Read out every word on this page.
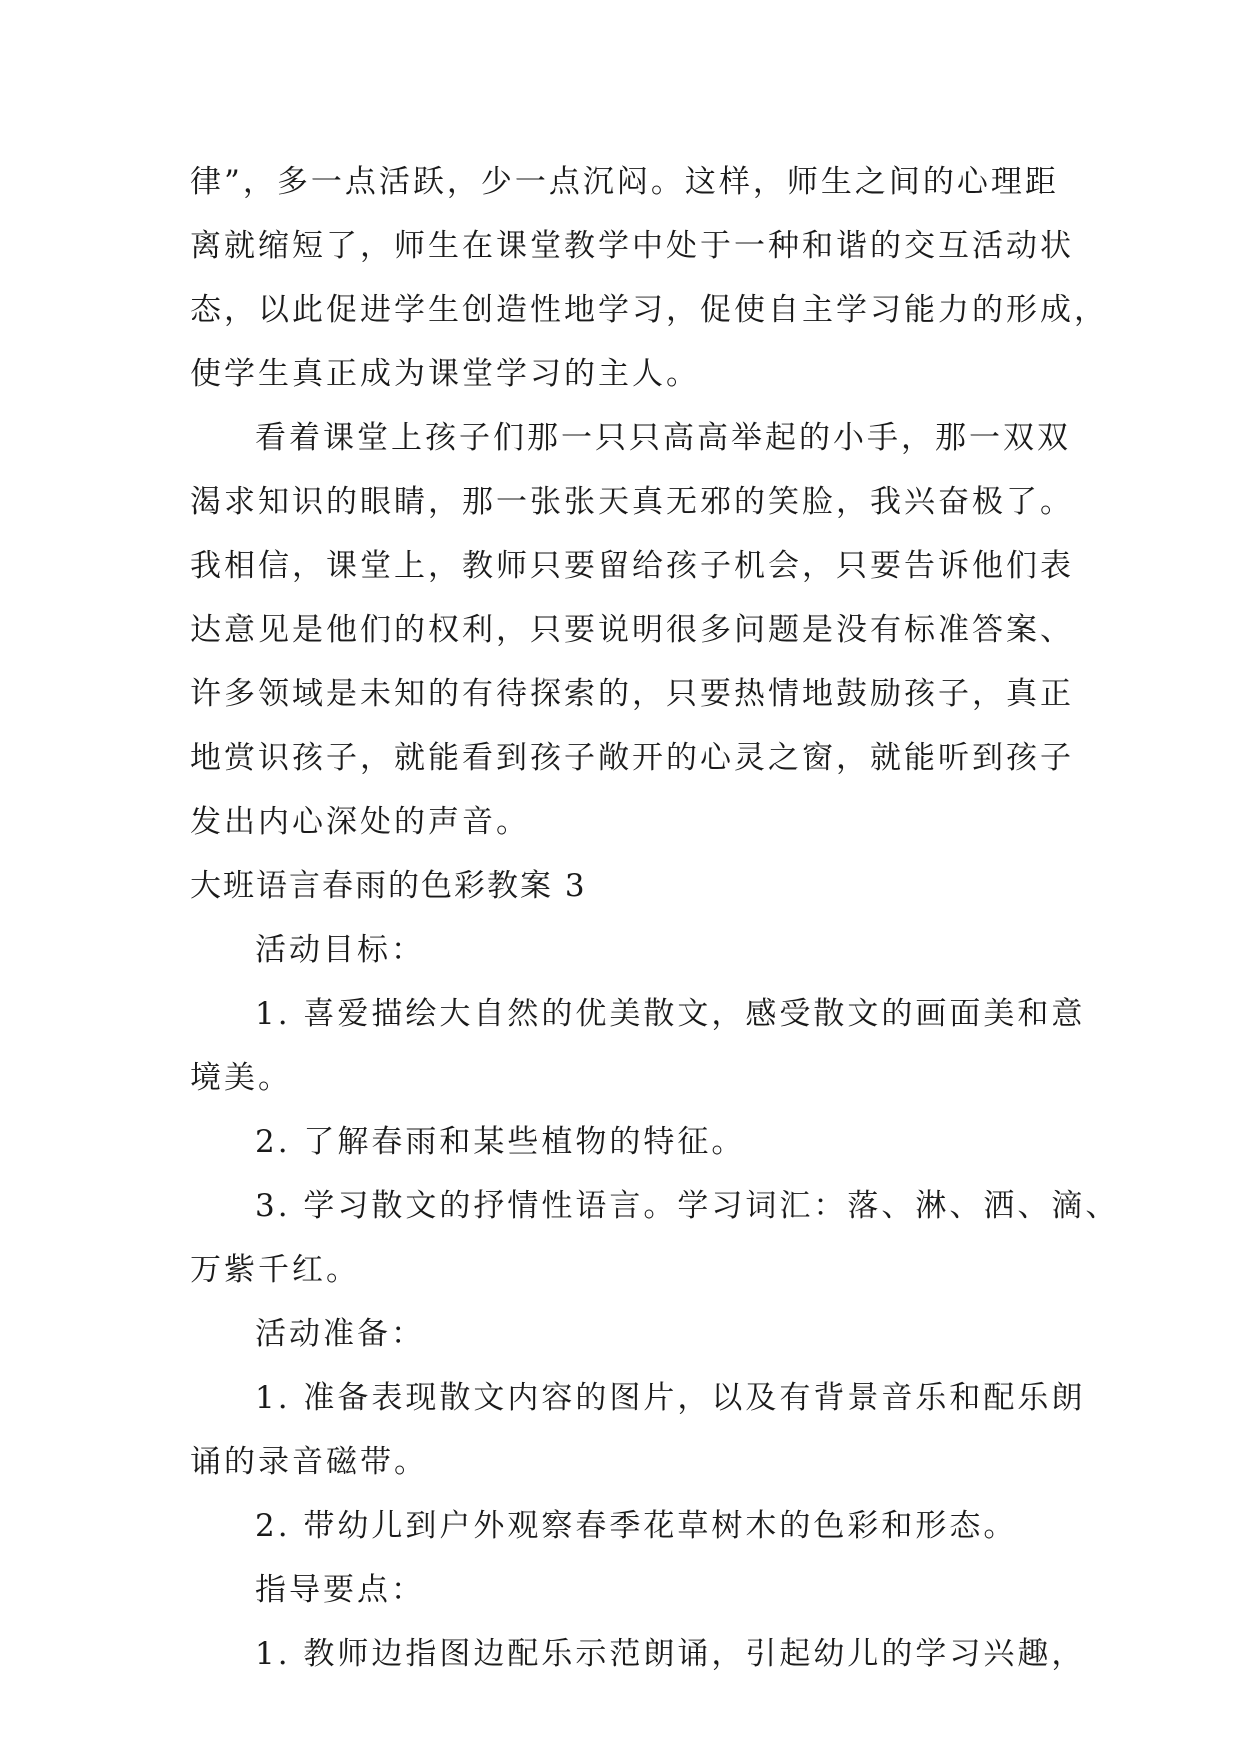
律”，多一点活跃，少一点沉闷。这样，师生之间的心理距
离就缩短了，师生在课堂教学中处于一种和谐的交互活动状
态，以此促进学生创造性地学习，促使自主学习能力的形成，
使学生真正成为课堂学习的主人。
看着课堂上孩子们那一只只高高举起的小手，那一双双
渴求知识的眼睛，那一张张天真无邪的笑脸，我兴奋极了。
我相信，课堂上，教师只要留给孩子机会，只要告诉他们表
达意见是他们的权利，只要说明很多问题是没有标准答案、
许多领域是未知的有待探索的，只要热情地鼓励孩子，真正
地赏识孩子，就能看到孩子敞开的心灵之窗，就能听到孩子
发出内心深处的声音。
大班语言春雨的色彩教案 3
活动目标：
1. 喜爱描绘大自然的优美散文，感受散文的画面美和意
境美。
2. 了解春雨和某些植物的特征。
3. 学习散文的抒情性语言。学习词汇：落、淋、洒、滴、
万紫千红。
活动准备：
1. 准备表现散文内容的图片，以及有背景音乐和配乐朗
诵的录音磁带。
2. 带幼儿到户外观察春季花草树木的色彩和形态。
指导要点：
1. 教师边指图边配乐示范朗诵，引起幼儿的学习兴趣，
